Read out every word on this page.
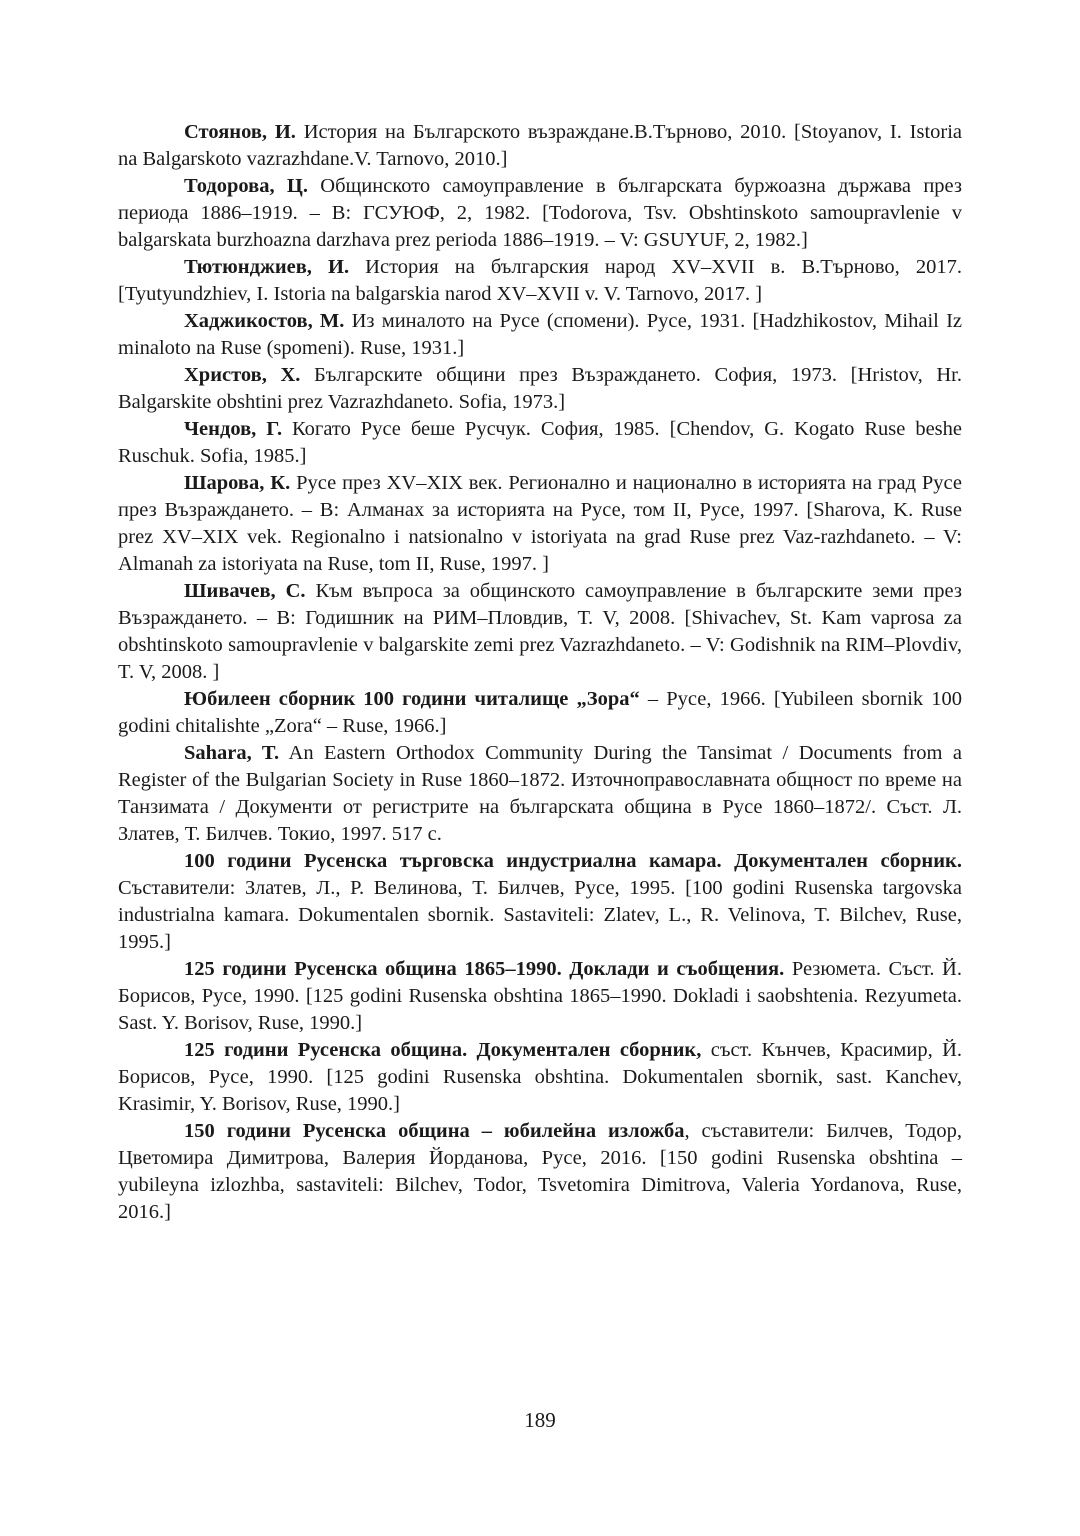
Стоянов, И. История на Българското възраждане.В.Търново, 2010. [Stoyanov, I. Istoria na Balgarskoto vazrazhdane.V. Tarnovo, 2010.]
Тодорова, Ц. Общинското самоуправление в българската буржоазна държава през периода 1886–1919. – В: ГСУЮФ, 2, 1982. [Todorova, Tsv. Obshtinskoto samoupravlenie v balgarskata burzhoazna darzhava prez perioda 1886–1919. – V: GSUYUF, 2, 1982.]
Тютюнджиев, И. История на българския народ XV–XVII в. В.Търново, 2017. [Tyutyundzhiev, I. Istoria na balgarskia narod XV–XVII v. V. Tarnovo, 2017. ]
Хаджикостов, М. Из миналото на Русе (спомени). Русе, 1931. [Hadzhikostov, Mihail Iz minaloto na Ruse (spomeni). Ruse, 1931.]
Христов, Х. Българските общини през Възраждането. София, 1973. [Hristov, Hr. Balgarskite obshtini prez Vazrazhdaneto. Sofia, 1973.]
Чендов, Г. Когато Русе беше Русчук. София, 1985. [Chendov, G. Kogato Ruse beshe Ruschuk. Sofia, 1985.]
Шарова, К. Русе през XV–XIX век. Регионално и национално в историята на град Русе през Възраждането. – В: Алманах за историята на Русе, том II, Русе, 1997. [Sharova, K. Ruse prez XV–XIX vek. Regionalno i natsionalno v istoriyata na grad Ruse prez Vaz-razhdaneto. – V: Almanah za istoriyata na Ruse, tom II, Ruse, 1997. ]
Шивачев, С. Към въпроса за общинското самоуправление в българските земи през Възраждането. – В: Годишник на РИМ–Пловдив, Т. V, 2008. [Shivachev, St. Kam vaprosa za obshtinskoto samoupravlenie v balgarskite zemi prez Vazrazhdaneto. – V: Godishnik na RIM–Plovdiv, T. V, 2008. ]
Юбилеен сборник 100 години читалище „Зора“ – Русе, 1966. [Yubileen sbornik 100 godini chitalishte „Zora“ – Ruse, 1966.]
Sahara, T. An Eastern Orthodox Community During the Tansimat / Documents from a Register of the Bulgarian Society in Ruse 1860–1872. Източноправославната общност по време на Танзимата / Документи от регистрите на българската община в Русе 1860–1872/. Съст. Л. Златев, Т. Билчев. Токио, 1997. 517 с.
100 години Русенска търговска индустриална камара. Документален сборник. Съставители: Златев, Л., Р. Велинова, Т. Билчев, Русе, 1995. [100 godini Rusenska targovska industrialna kamara. Dokumentalen sbornik. Sastaviteli: Zlatev, L., R. Velinova, T. Bilchev, Ruse, 1995.]
125 години Русенска община 1865–1990. Доклади и съобщения. Резюмета. Съст. Й. Борисов, Русе, 1990. [125 godini Rusenska obshtina 1865–1990. Dokladi i saobshtenia. Rezyumeta. Sast. Y. Borisov, Ruse, 1990.]
125 години Русенска община. Документален сборник, съст. Кънчев, Красимир, Й. Борисов, Русе, 1990. [125 godini Rusenska obshtina. Dokumentalen sbornik, sast. Kanchev, Krasimir, Y. Borisov, Ruse, 1990.]
150 години Русенска община – юбилейна изложба, съставители: Билчев, Тодор, Цветомира Димитрова, Валерия Йорданова, Русе, 2016. [150 godini Rusenska obshtina – yubileyna izlozhba, sastaviteli: Bilchev, Todor, Tsvetomira Dimitrova, Valeria Yordanova, Ruse, 2016.]
189
